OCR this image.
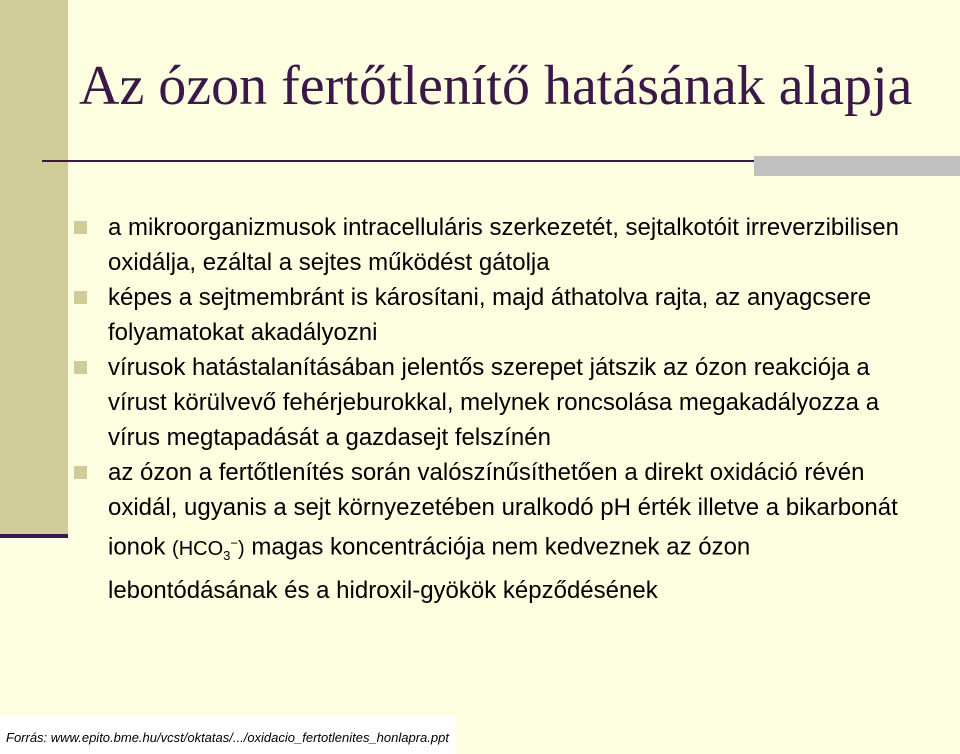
Az ózon fertőtlenítő hatásának alapja
a mikroorganizmusok intracelluláris szerkezetét, sejtalkotóit irreverzibilisen oxidálja, ezáltal a sejtes működést gátolja
képes a sejtmembránt is károsítani, majd áthatolva rajta, az anyagcsere folyamatokat akadályozni
vírusok hatástalanításában jelentős szerepet játszik az ózon reakciója a vírust körülvevő fehérjeburokkal, melynek roncsolása megakadályozza a vírus megtapadását a gazdasejt felszínén
az ózon a fertőtlenítés során valószínűsíthetően a direkt oxidáció révén oxidál, ugyanis a sejt környezetében uralkodó pH érték illetve a bikarbonát ionok $(HCO_3^-)$ magas koncentrációja nem kedveznek az ózon lebontódásának és a hidroxil-gyökök képződésének
Forrás: www.epito.bme.hu/vcst/oktatas/.../oxidacio_fertotlenites_honlapra.ppt
